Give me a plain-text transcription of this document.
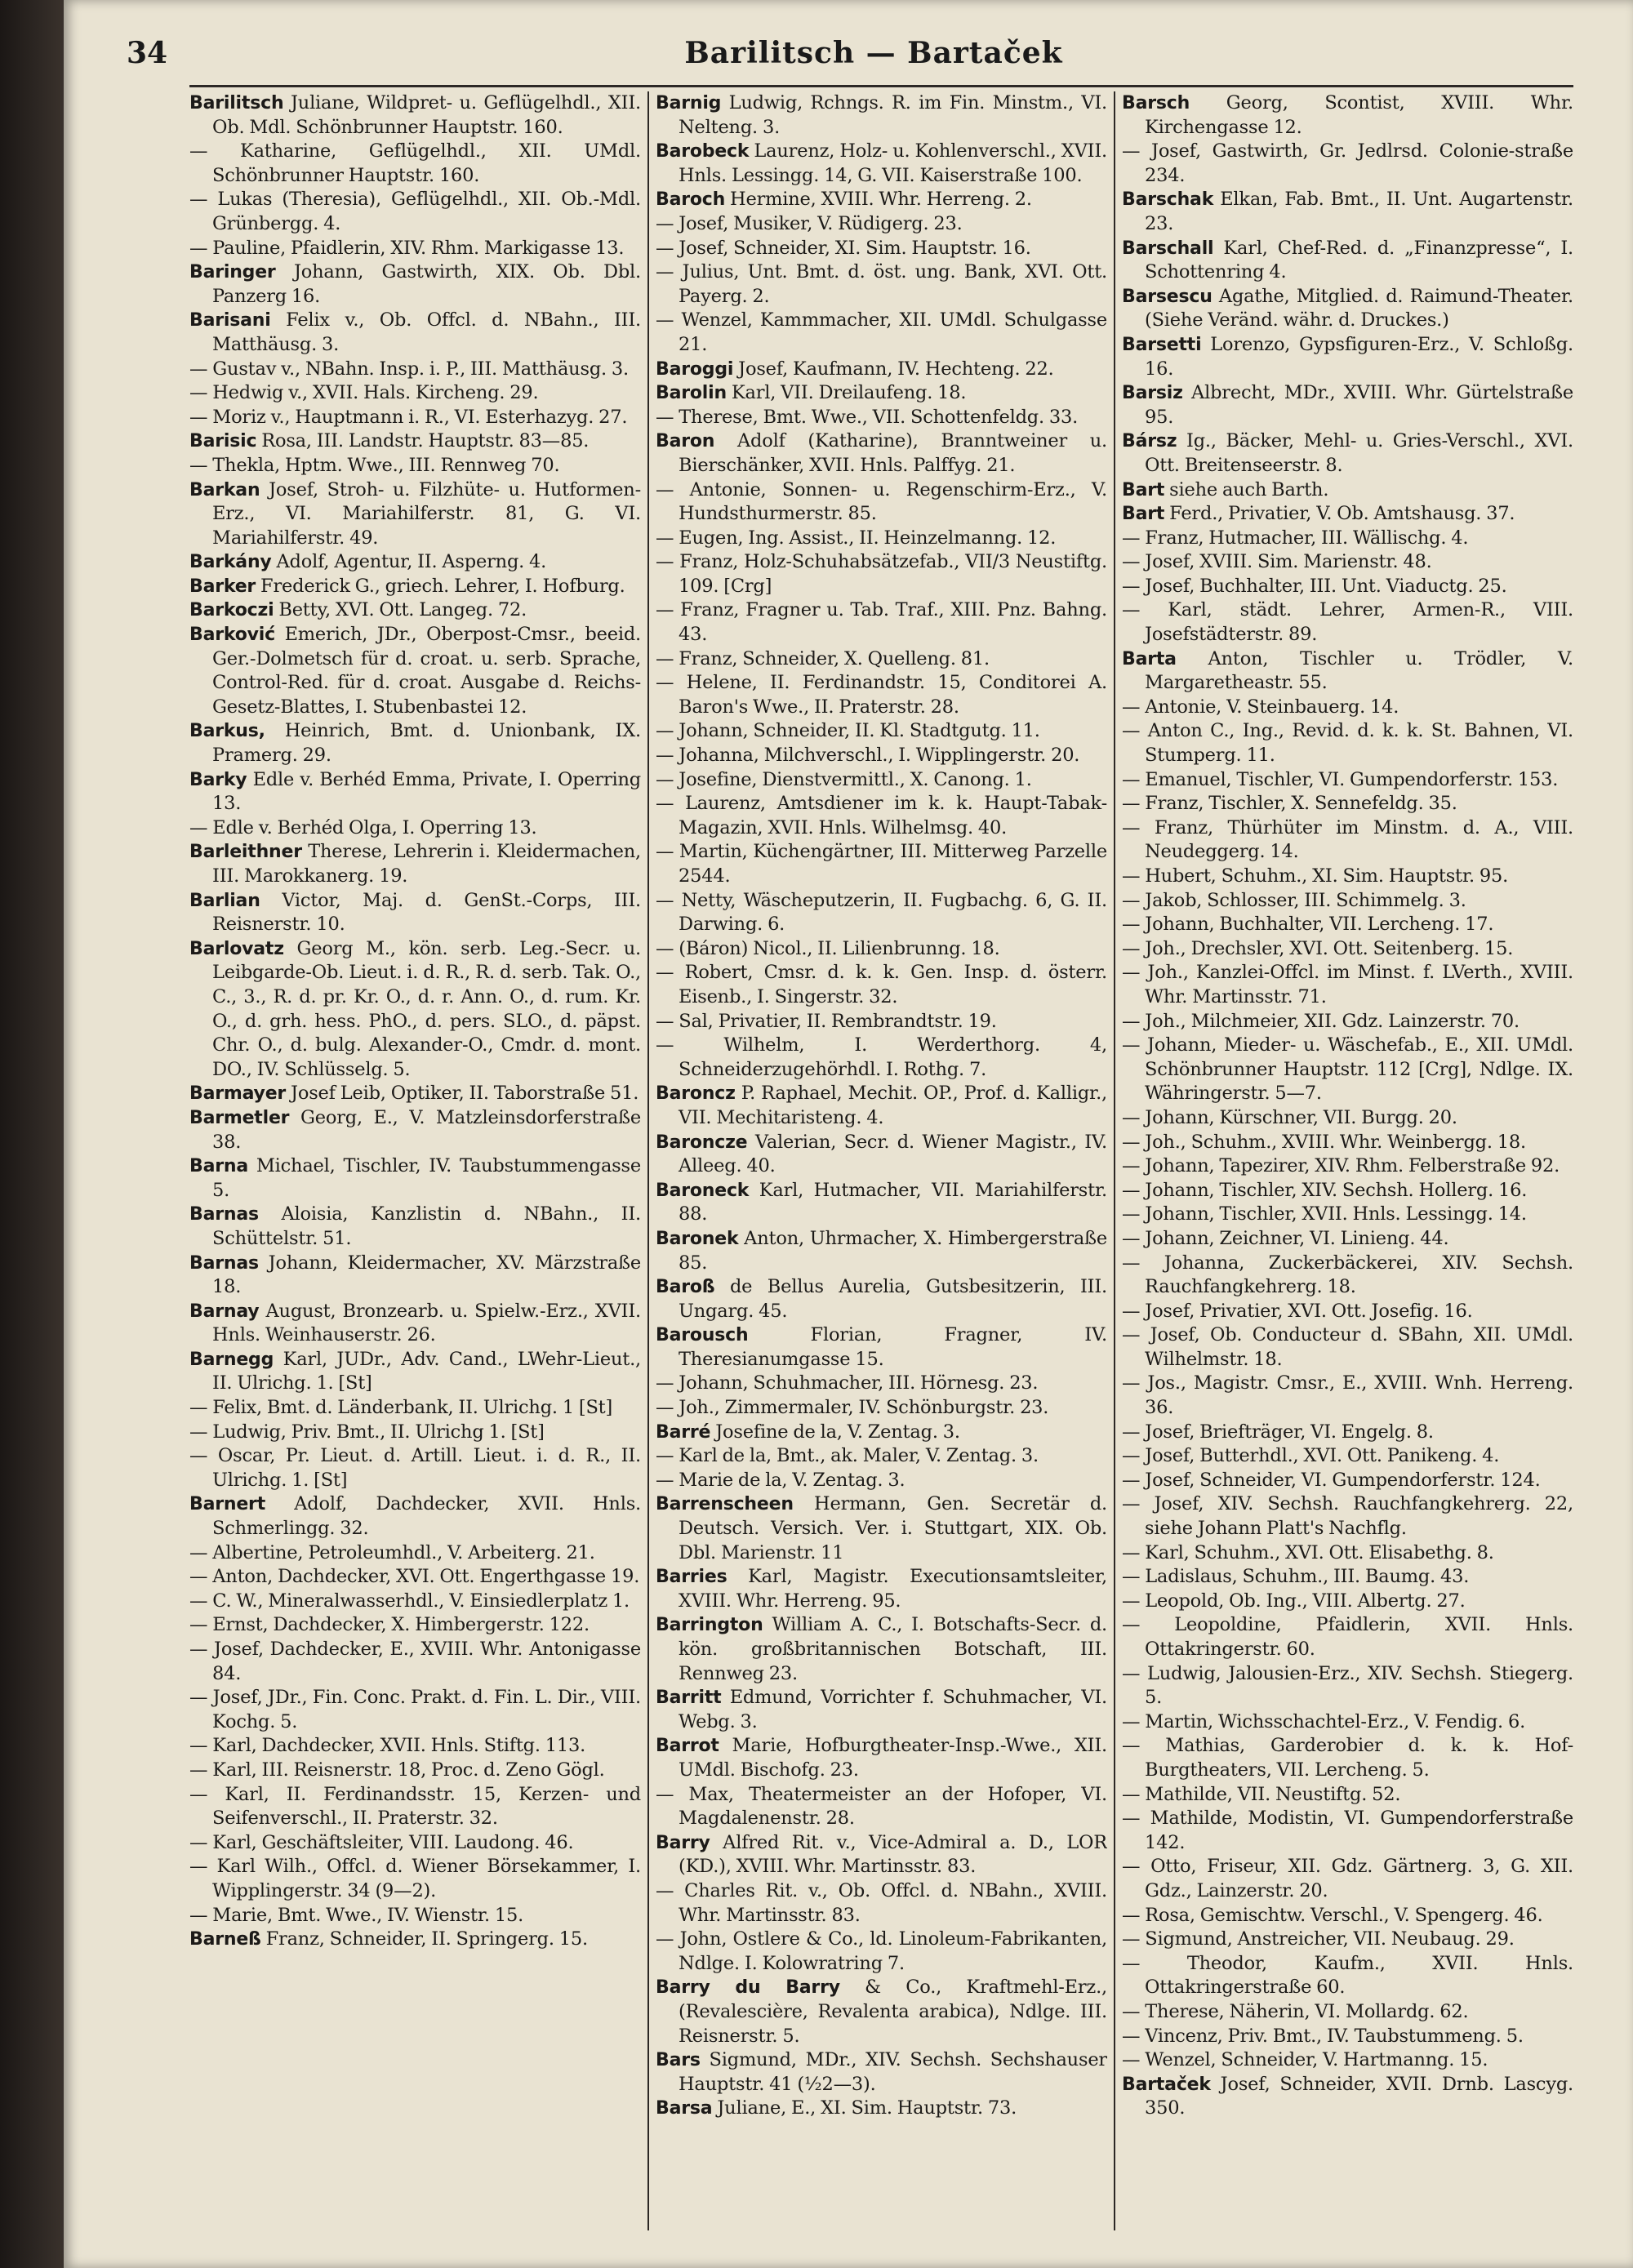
34	Barilitsch — Bartaček
Barilitsch Juliane, Wildpret- u. Geflügelhdl., XII. Ob. Mdl. Schönbrunner Hauptstr. 160.
— Katharine, Geflügelhdl., XII. UMdl. Schönbrunner Hauptstr. 160.
— Lukas (Theresia), Geflügelhdl., XII. Ob.-Mdl. Grünbergg. 4.
— Pauline, Pfaidlerin, XIV. Rhm. Markigasse 13.
Baringer Johann, Gastwirth, XIX. Ob. Dbl. Panzerg 16.
Barisani Felix v., Ob. Offcl. d. NBahn., III. Matthäusg. 3.
— Gustav v., NBahn. Insp. i. P., III. Matthäusg. 3.
— Hedwig v., XVII. Hals. Kircheng. 29.
— Moriz v., Hauptmann i. R., VI. Esterhazyg. 27.
Barisic Rosa, III. Landstr. Hauptstr. 83—85.
— Thekla, Hptm. Wwe., III. Rennweg 70.
Barkan Josef, Stroh- u. Filzhüte- u. Hutformen-Erz., VI. Mariahilferstr. 81, G. VI. Mariahilferstr. 49.
Barkány Adolf, Agentur, II. Asperng. 4.
Barker Frederick G., griech. Lehrer, I. Hofburg.
Barkoczi Betty, XVI. Ott. Langeg. 72.
Barković Emerich, JDr., Oberpost-Cmsr., beeid. Ger.-Dolmetsch für d. croat. u. serb. Sprache, Control-Red. für d. croat. Ausgabe d. Reichs-Gesetz-Blattes, I. Stubenbastei 12.
Barkus, Heinrich, Bmt. d. Unionbank, IX. Pramerg. 29.
Barky Edle v. Berhéd Emma, Private, I. Operring 13.
— Edle v. Berhéd Olga, I. Operring 13.
Barleithner Therese, Lehrerin i. Kleidermachen, III. Marokkanerg. 19.
Barlian Victor, Maj. d. GenSt.-Corps, III. Reisnerstr. 10.
Barlovatz Georg M., kön. serb. Leg.-Secr. u. Leibgarde-Ob. Lieut. i. d. R., R. d. serb. Tak. O., C., 3., R. d. pr. Kr. O., d. r. Ann. O., d. rum. Kr. O., d. grh. hess. PhO., d. pers. SLO., d. päpst. Chr. O., d. bulg. Alexander-O., Cmdr. d. mont. DO., IV. Schlüsselg. 5.
Barmayer Josef Leib, Optiker, II. Taborstraße 51.
Barmetler Georg, E., V. Matzleinsdorferstraße 38.
Barna Michael, Tischler, IV. Taubstummengasse 5.
Barnas Aloisia, Kanzlistin d. NBahn., II. Schüttelstr. 51.
Barnas Johann, Kleidermacher, XV. Märzstraße 18.
Barnay August, Bronzearb. u. Spielw.-Erz., XVII. Hnls. Weinhauserstr. 26.
Barnegg Karl, JUDr., Adv. Cand., LWehr-Lieut., II. Ulrichg. 1. [St]
— Felix, Bmt. d. Länderbank, II. Ulrichg. 1 [St]
— Ludwig, Priv. Bmt., II. Ulrichg 1. [St]
— Oscar, Pr. Lieut. d. Artill. Lieut. i. d. R., II. Ulrichg. 1. [St]
Barnert Adolf, Dachdecker, XVII. Hnls. Schmerlingg. 32.
— Albertine, Petroleumhdl., V. Arbeiterg. 21.
— Anton, Dachdecker, XVI. Ott. Engerthgasse 19.
— C. W., Mineralwasserhdl., V. Einsiedlerplatz 1.
— Ernst, Dachdecker, X. Himbergerstr. 122.
— Josef, Dachdecker, E., XVIII. Whr. Antonigasse 84.
— Josef, JDr., Fin. Conc. Prakt. d. Fin. L. Dir., VIII. Kochg. 5.
— Karl, Dachdecker, XVII. Hnls. Stiftg. 113.
— Karl, III. Reisnerstr. 18, Proc. d. Zeno Gögl.
— Karl, II. Ferdinandsstr. 15, Kerzen- und Seifenverschl., II. Praterstr. 32.
— Karl, Geschäftsleiter, VIII. Laudong. 46.
— Karl Wilh., Offcl. d. Wiener Börsekammer, I. Wipplingerstr. 34 (9—2).
— Marie, Bmt. Wwe., IV. Wienstr. 15.
Barneß Franz, Schneider, II. Springerg. 15.
Barnig Ludwig, Rchngs. R. im Fin. Minstm., VI. Nelteng. 3.
Barobeck Laurenz, Holz- u. Kohlenverschl., XVII. Hnls. Lessingg. 14, G. VII. Kaiserstraße 100.
Baroch Hermine, XVIII. Whr. Herreng. 2.
— Josef, Musiker, V. Rüdigerg. 23.
— Josef, Schneider, XI. Sim. Hauptstr. 16.
— Julius, Unt. Bmt. d. öst. ung. Bank, XVI. Ott. Payerg. 2.
— Wenzel, Kammmacher, XII. UMdl. Schulgasse 21.
Baroggi Josef, Kaufmann, IV. Hechteng. 22.
Barolin Karl, VII. Dreilaufeng. 18.
— Therese, Bmt. Wwe., VII. Schottenfeldg. 33.
Baron Adolf (Katharine), Branntweiner u. Bierschänker, XVII. Hnls. Palffyg. 21.
— Antonie, Sonnen- u. Regenschirm-Erz., V. Hundsthurmerstr. 85.
— Eugen, Ing. Assist., II. Heinzelmanng. 12.
— Franz, Holz-Schuhabsätzefab., VII/3 Neustiftg. 109. [Crg]
— Franz, Fragner u. Tab. Traf., XIII. Pnz. Bahng. 43.
— Franz, Schneider, X. Quelleng. 81.
— Helene, II. Ferdinandstr. 15, Conditorei A. Baron's Wwe., II. Praterstr. 28.
— Johann, Schneider, II. Kl. Stadtgutg. 11.
— Johanna, Milchverschl., I. Wipplingerstr. 20.
— Josefine, Dienstvermittl., X. Canong. 1.
— Laurenz, Amtsdiener im k. k. Haupt-Tabak-Magazin, XVII. Hnls. Wilhelmsg. 40.
— Martin, Küchengärtner, III. Mitterweg Parzelle 2544.
— Netty, Wäscheputzerin, II. Fugbachg. 6, G. II. Darwing. 6.
— (Báron) Nicol., II. Lilienbrunng. 18.
— Robert, Cmsr. d. k. k. Gen. Insp. d. österr. Eisenb., I. Singerstr. 32.
— Sal, Privatier, II. Rembrandtstr. 19.
— Wilhelm, I. Werderthorg. 4, Schneiderzugehörhdl. I. Rothg. 7.
Baroncz P. Raphael, Mechit. OP., Prof. d. Kalligr., VII. Mechitaristeng. 4.
Baroncze Valerian, Secr. d. Wiener Magistr., IV. Alleeg. 40.
Baroneck Karl, Hutmacher, VII. Mariahilferstr. 88.
Baronek Anton, Uhrmacher, X. Himbergerstraße 85.
Baroß de Bellus Aurelia, Gutsbesitzerin, III. Ungarg. 45.
Barousch	Florian, Fragner, IV. Theresianumgasse 15.
— Johann, Schuhmacher, III. Hörnesg. 23.
— Joh., Zimmermaler, IV. Schönburgstr. 23.
Barré Josefine de la, V. Zentag. 3.
— Karl de la, Bmt., ak. Maler, V. Zentag. 3.
— Marie de la, V. Zentag. 3.
Barrenscheen Hermann, Gen. Secretär d. Deutsch. Versich. Ver. i. Stuttgart, XIX. Ob. Dbl. Marienstr. 11
Barries Karl, Magistr. Executionsamtsleiter, XVIII. Whr. Herreng. 95.
Barrington William A. C., I. Botschafts-Secr. d. kön. großbritannischen Botschaft, III. Rennweg 23.
Barritt Edmund, Vorrichter f. Schuhmacher, VI. Webg. 3.
Barrot Marie, Hofburgtheater-Insp.-Wwe., XII. UMdl. Bischofg. 23.
— Max, Theatermeister an der Hofoper, VI. Magdalenenstr. 28.
Barry Alfred Rit. v., Vice-Admiral a. D., LOR (KD.), XVIII. Whr. Martinsstr. 83.
— Charles Rit. v., Ob. Offcl. d. NBahn., XVIII. Whr. Martinsstr. 83.
— John, Ostlere & Co., ld. Linoleum-Fabrikanten, Ndlge. I. Kolowratring 7.
Barry du Barry & Co., Kraftmehl-Erz., (Revalescière, Revalenta arabica), Ndlge. III. Reisnerstr. 5.
Bars Sigmund, MDr., XIV. Sechsh. Sechshauser Hauptstr. 41 (½2—3).
Barsa Juliane, E., XI. Sim. Hauptstr. 73.
Barsch Georg, Scontist, XVIII. Whr. Kirchengasse 12.
— Josef, Gastwirth, Gr. Jedlrsd. Colonie-straße 234.
Barschak Elkan, Fab. Bmt., II. Unt. Augartenstr. 23.
Barschall Karl, Chef-Red. d. „Finanzpresse“, I. Schottenring 4.
Barsescu Agathe, Mitglied. d. Raimund-Theater. (Siehe Veränd. währ. d. Druckes.)
Barsetti Lorenzo, Gypsfiguren-Erz., V. Schloßg. 16.
Barsiz Albrecht, MDr., XVIII. Whr. Gürtelstraße 95.
Bársz Ig., Bäcker, Mehl- u. Gries-Verschl., XVI. Ott. Breitenseerstr. 8.
Bart siehe auch Barth.
Bart Ferd., Privatier, V. Ob. Amtshausg. 37.
— Franz, Hutmacher, III. Wällischg. 4.
— Josef, XVIII. Sim. Marienstr. 48.
— Josef, Buchhalter, III. Unt. Viaductg. 25.
— Karl, städt. Lehrer, Armen-R., VIII. Josefstädterstr. 89.
Barta Anton, Tischler u. Trödler, V. Margaretheastr. 55.
— Antonie, V. Steinbauerg. 14.
— Anton C., Ing., Revid. d. k. k. St. Bahnen, VI. Stumperg. 11.
— Emanuel, Tischler, VI. Gumpendorferstr. 153.
— Franz, Tischler, X. Sennefeldg. 35.
— Franz, Thürhüter im Minstm. d. A., VIII. Neudeggerg. 14.
— Hubert, Schuhm., XI. Sim. Hauptstr. 95.
— Jakob, Schlosser, III. Schimmelg. 3.
— Johann, Buchhalter, VII. Lercheng. 17.
— Joh., Drechsler, XVI. Ott. Seitenberg. 15.
— Joh., Kanzlei-Offcl. im Minst. f. LVerth., XVIII. Whr. Martinsstr. 71.
— Joh., Milchmeier, XII. Gdz. Lainzerstr. 70.
— Johann, Mieder- u. Wäschefab., E., XII. UMdl. Schönbrunner Hauptstr. 112 [Crg], Ndlge. IX. Währingerstr. 5—7.
— Johann, Kürschner, VII. Burgg. 20.
— Joh., Schuhm., XVIII. Whr. Weinbergg. 18.
— Johann, Tapezirer, XIV. Rhm. Felberstraße 92.
— Johann, Tischler, XIV. Sechsh. Hollerg. 16.
— Johann, Tischler, XVII. Hnls. Lessingg. 14.
— Johann, Zeichner, VI. Linieng. 44.
— Johanna, Zuckerbäckerei, XIV. Sechsh. Rauchfangkehrerg. 18.
— Josef, Privatier, XVI. Ott. Josefig. 16.
— Josef, Ob. Conducteur d. SBahn, XII. UMdl. Wilhelmstr. 18.
— Jos., Magistr. Cmsr., E., XVIII. Wnh. Herreng. 36.
— Josef, Briefträger, VI. Engelg. 8.
— Josef, Butterhdl., XVI. Ott. Panikeng. 4.
— Josef, Schneider, VI. Gumpendorferstr. 124.
— Josef, XIV. Sechsh. Rauchfangkehrerg. 22, siehe Johann Platt's Nachflg.
— Karl, Schuhm., XVI. Ott. Elisabethg. 8.
— Ladislaus, Schuhm., III. Baumg. 43.
— Leopold, Ob. Ing., VIII. Albertg. 27.
— Leopoldine, Pfaidlerin, XVII. Hnls. Ottakringerstr. 60.
— Ludwig, Jalousien-Erz., XIV. Sechsh. Stiegerg. 5.
— Martin, Wichsschachtel-Erz., V. Fendig. 6.
— Mathias, Garderobier d. k. k. Hof-Burgtheaters, VII. Lercheng. 5.
— Mathilde, VII. Neustiftg. 52.
— Mathilde, Modistin, VI. Gumpendorferstraße 142.
— Otto, Friseur, XII. Gdz. Gärtnerg. 3, G. XII. Gdz., Lainzerstr. 20.
— Rosa, Gemischtw. Verschl., V. Spengerg. 46.
— Sigmund, Anstreicher, VII. Neubaug. 29.
— Theodor, Kaufm., XVII. Hnls. Ottakringerstraße 60.
— Therese, Näherin, VI. Mollardg. 62.
— Vincenz, Priv. Bmt., IV. Taubstummeng. 5.
— Wenzel, Schneider, V. Hartmanng. 15.
Bartaček Josef, Schneider, XVII. Drnb. Lascyg. 350.
